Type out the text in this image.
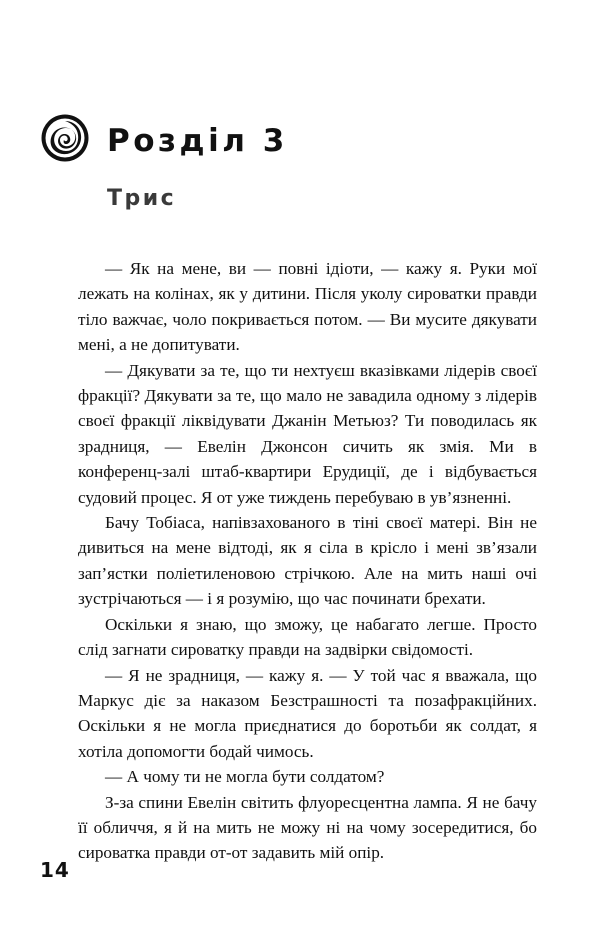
Розділ 3
Трис

— Як на мене, ви — повні ідіоти, — кажу я. Руки мої лежать на колінах, як у дитини. Після уколу сироватки правди тіло важчає, чоло покривається потом. — Ви мусите дякувати мені, а не допитувати.

— Дякувати за те, що ти нехтуєш вказівками лідерів своєї фракції? Дякувати за те, що мало не завадила одному з лідерів своєї фракції ліквідувати Джанін Метьюз? Ти поводилась як зрадниця, — Евелін Джонсон сичить як змія. Ми в конференц-залі штаб-квартири Ерудиції, де і відбувається судовий процес. Я от уже тиждень перебуваю в ув’язненні.

Бачу Тобіаса, напівзахованого в тіні своєї матері. Він не дивиться на мене відтоді, як я сіла в крісло і мені зв’язали зап’ястки поліетиленовою стрічкою. Але на мить наші очі зустрічаються — і я розумію, що час починати брехати.

Оскільки я знаю, що зможу, це набагато легше. Просто слід загнати сироватку правди на задвірки свідомості.

— Я не зрадниця, — кажу я. — У той час я вважала, що Маркус діє за наказом Безстрашності та позафракційних. Оскільки я не могла приєднатися до боротьби як солдат, я хотіла допомогти бодай чимось.

— А чому ти не могла бути солдатом?

З-за спини Евелін світить флуоресцентна лампа. Я не бачу її обличчя, я й на мить не можу ні на чому зосередитися, бо сироватка правди от-от задавить мій опір.

14
